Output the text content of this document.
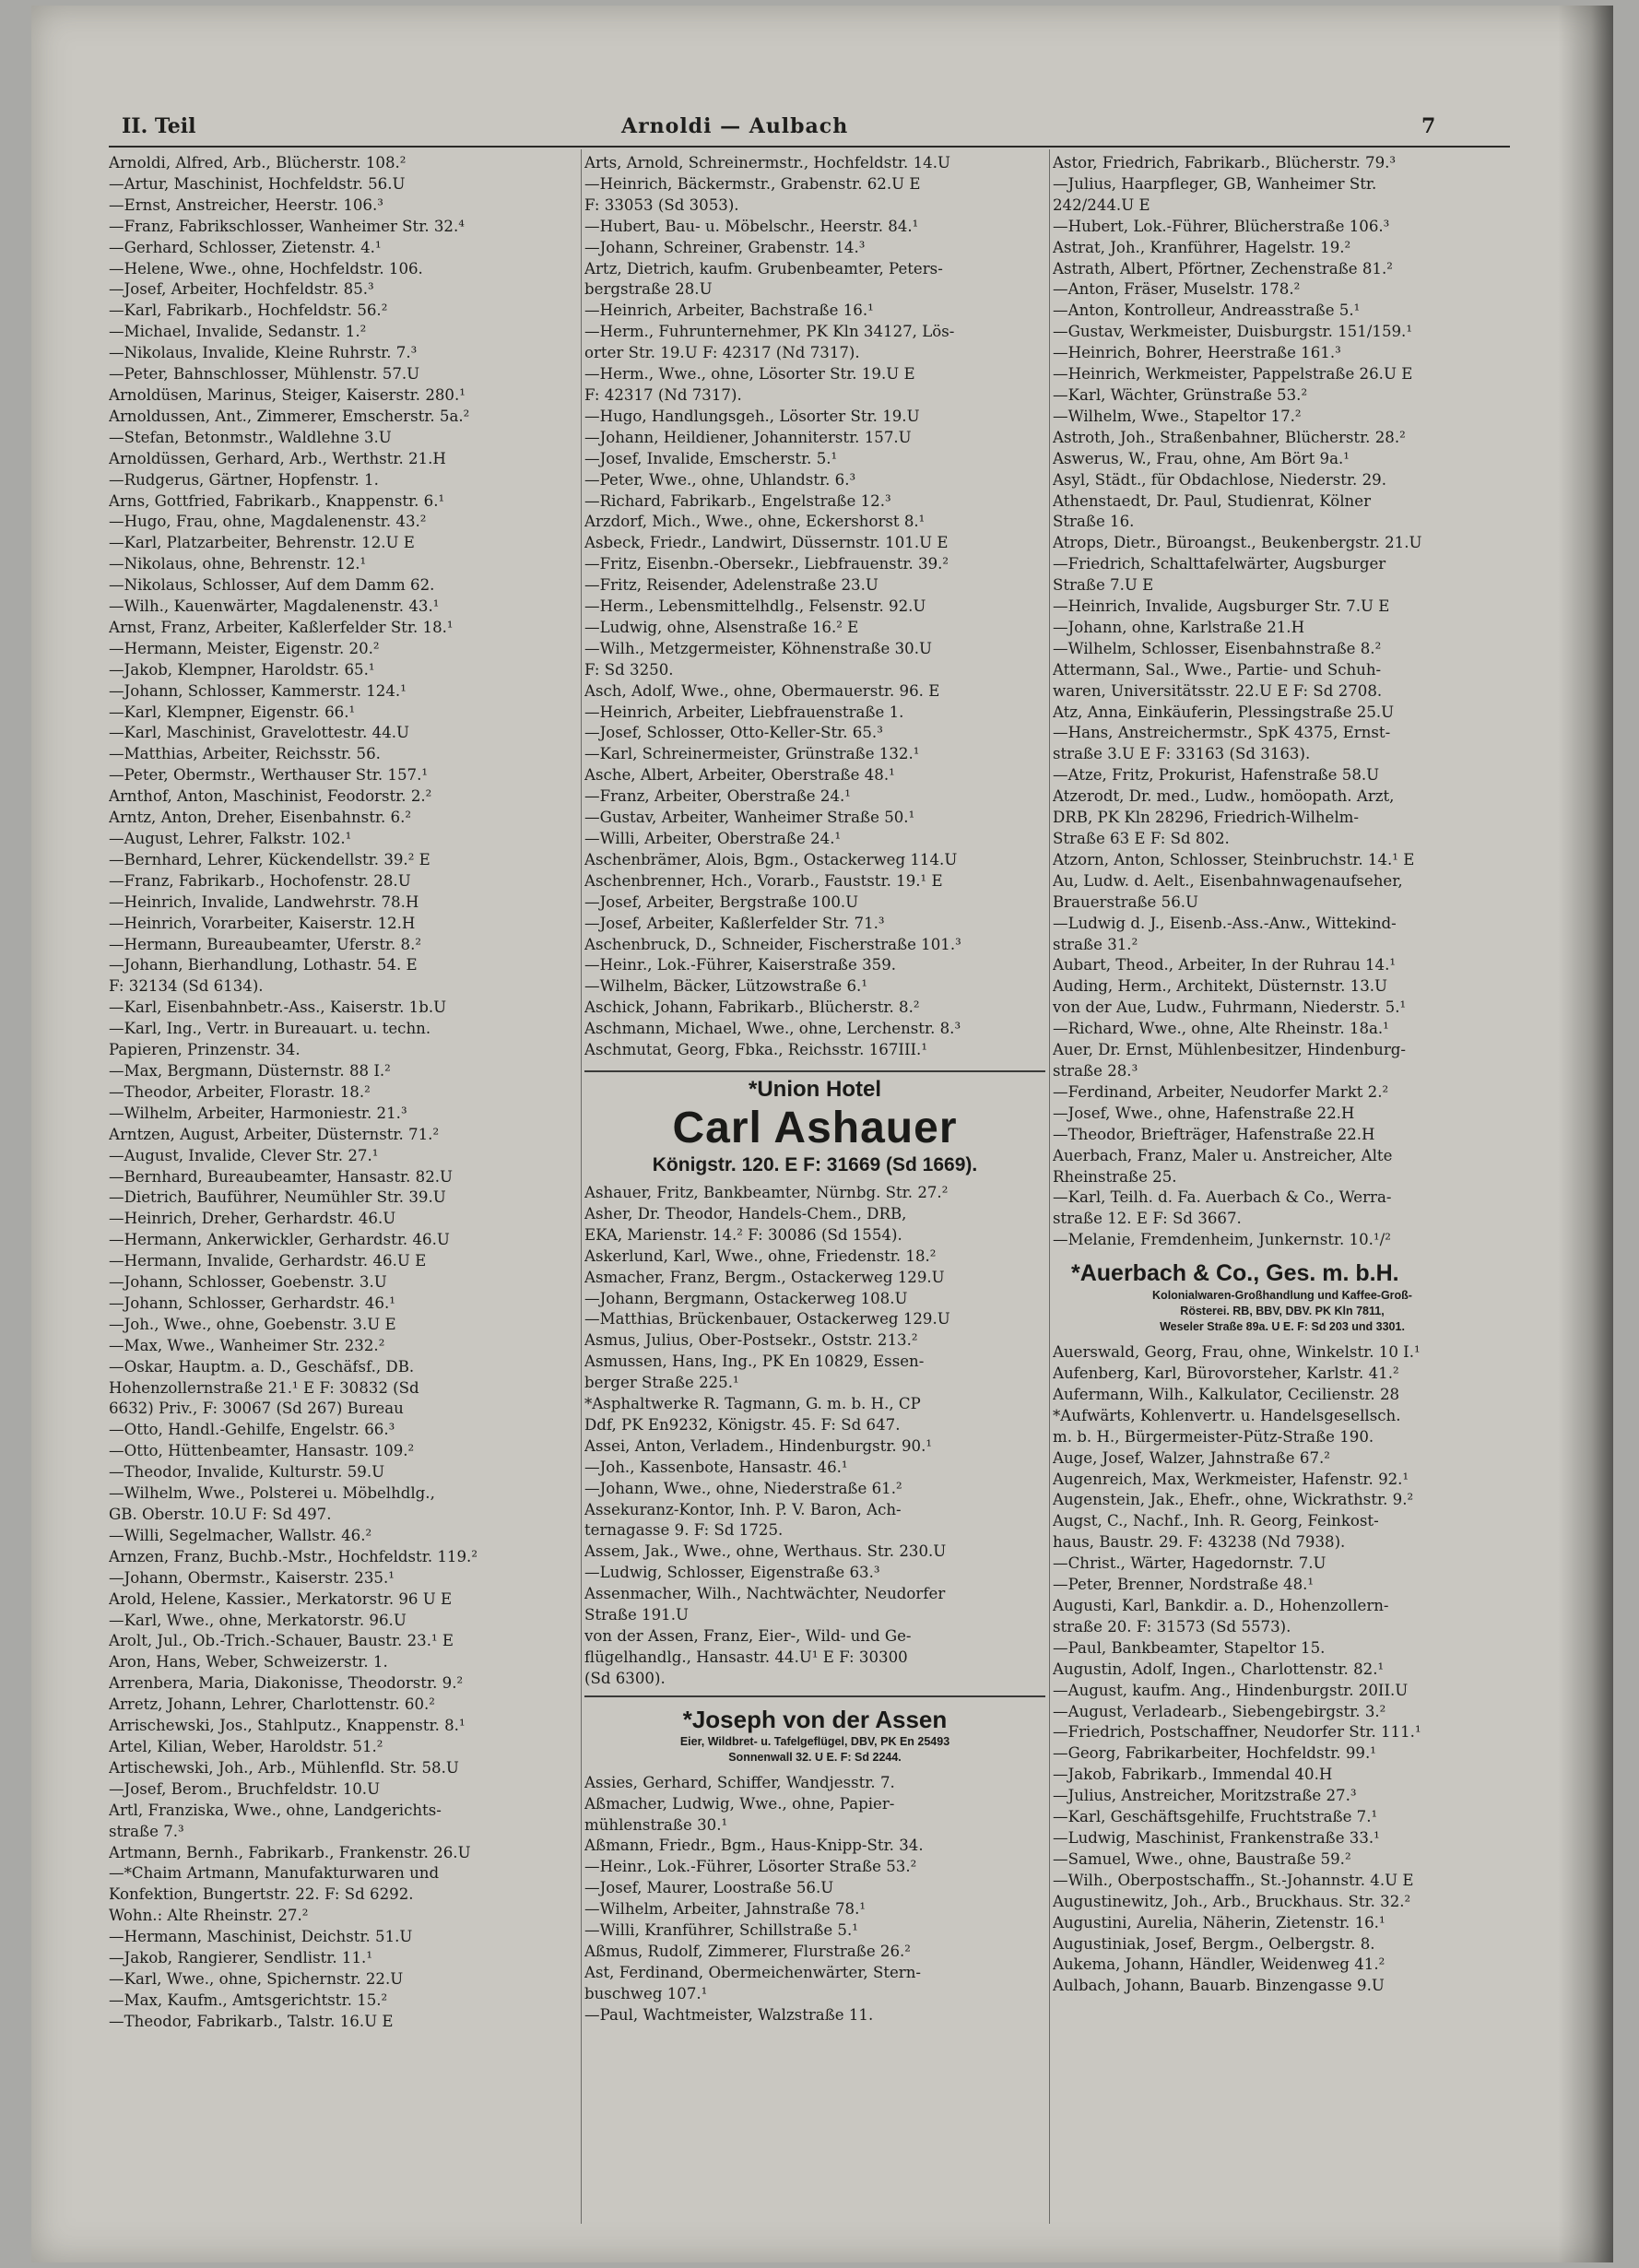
II. Teil	Arnoldi — Aulbach	7
Arnoldi, Alfred, Arb., Blücherstr. 108.²
—Artur, Maschinist, Hochfeldstr. 56.U
—Ernst, Anstreicher, Heerstr. 106.³
—Franz, Fabrikschlosser, Wanheimer Str. 32.⁴
—Gerhard, Schlosser, Zietenstr. 4.¹
—Helene, Wwe., ohne, Hochfeldstr. 106.
—Josef, Arbeiter, Hochfeldstr. 85.³
—Karl, Fabrikarb., Hochfeldstr. 56.²
—Michael, Invalide, Sedanstr. 1.²
—Nikolaus, Invalide, Kleine Ruhrstr. 7.³
—Peter, Bahnschlosser, Mühlenstr. 57.U
Arnoldüsen, Marinus, Steiger, Kaiserstr. 280.¹
Arnoldussen, Ant., Zimmerer, Emscherstr. 5a.²
—Stefan, Betonmstr., Waldlehne 3.U
Arnoldüssen, Gerhard, Arb., Werthstr. 21.H
—Rudgerus, Gärtner, Hopfenstr. 1.
Arns, Gottfried, Fabrikarb., Knappenstr. 6.¹
—Hugo, Frau, ohne, Magdalenenstr. 43.²
—Karl, Platzarbeiter, Behrenstr. 12.U E
—Nikolaus, ohne, Behrenstr. 12.¹
—Nikolaus, Schlosser, Auf dem Damm 62.
—Wilh., Kauenwärter, Magdalenenstr. 43.¹
Arnst, Franz, Arbeiter, Kaßlerfelder Str. 18.¹
—Hermann, Meister, Eigenstr. 20.²
—Jakob, Klempner, Haroldstr. 65.¹
—Johann, Schlosser, Kammerstr. 124.¹
—Karl, Klempner, Eigenstr. 66.¹
—Karl, Maschinist, Gravelottestr. 44.U
—Matthias, Arbeiter, Reichsstr. 56.
—Peter, Obermstr., Werthauser Str. 157.¹
Arnthof, Anton, Maschinist, Feodorstr. 2.²
Arntz, Anton, Dreher, Eisenbahnstr. 6.²
—August, Lehrer, Falkstr. 102.¹
—Bernhard, Lehrer, Kückendellstr. 39.² E
—Franz, Fabrikarb., Hochofenstr. 28.U
—Heinrich, Invalide, Landwehrstr. 78.H
—Heinrich, Vorarbeiter, Kaiserstr. 12.H
—Hermann, Bureaubeamter, Uferstr. 8.²
—Johann, Bierhandlung, Lothastr. 54. E
F: 32134 (Sd 6134).
—Karl, Eisenbahnbetr.-Ass., Kaiserstr. 1b.U
—Karl, Ing., Vertr. in Bureauart. u. techn.
Papieren, Prinzenstr. 34.
—Max, Bergmann, Düsternstr. 88 I.²
—Theodor, Arbeiter, Florastr. 18.²
—Wilhelm, Arbeiter, Harmoniestr. 21.³
Arntzen, August, Arbeiter, Düsternstr. 71.²
—August, Invalide, Clever Str. 27.¹
—Bernhard, Bureaubeamter, Hansastr. 82.U
—Dietrich, Bauführer, Neumühler Str. 39.U
—Heinrich, Dreher, Gerhardstr. 46.U
—Hermann, Ankerwickler, Gerhardstr. 46.U
—Hermann, Invalide, Gerhardstr. 46.U E
—Johann, Schlosser, Goebenstr. 3.U
—Johann, Schlosser, Gerhardstr. 46.¹
—Joh., Wwe., ohne, Goebenstr. 3.U E
—Max, Wwe., Wanheimer Str. 232.²
—Oskar, Hauptm. a. D., Geschäfsf., DB.
Hohenzollernstraße 21.¹ E F: 30832 (Sd
6632) Priv., F: 30067 (Sd 267) Bureau
—Otto, Handl.-Gehilfe, Engelstr. 66.³
—Otto, Hüttenbeamter, Hansastr. 109.²
—Theodor, Invalide, Kulturstr. 59.U
—Wilhelm, Wwe., Polsterei u. Möbelhdlg.,
GB. Oberstr. 10.U F: Sd 497.
—Willi, Segelmacher, Wallstr. 46.²
Arnzen, Franz, Buchb.-Mstr., Hochfeldstr. 119.²
—Johann, Obermstr., Kaiserstr. 235.¹
Arold, Helene, Kassier., Merkatorstr. 96 U E
—Karl, Wwe., ohne, Merkatorstr. 96.U
Arolt, Jul., Ob.-Trich.-Schauer, Baustr. 23.¹ E
Aron, Hans, Weber, Schweizerstr. 1.
Arrenbera, Maria, Diakonisse, Theodorstr. 9.²
Arretz, Johann, Lehrer, Charlottenstr. 60.²
Arrischewski, Jos., Stahlputz., Knappenstr. 8.¹
Artel, Kilian, Weber, Haroldstr. 51.²
Artischewski, Joh., Arb., Mühlenfld. Str. 58.U
—Josef, Berom., Bruchfeldstr. 10.U
Artl, Franziska, Wwe., ohne, Landgerichts-
straße 7.³
Artmann, Bernh., Fabrikarb., Frankenstr. 26.U
—*Chaim Artmann, Manufakturwaren und
Konfektion, Bungertstr. 22. F: Sd 6292.
Wohn.: Alte Rheinstr. 27.²
—Hermann, Maschinist, Deichstr. 51.U
—Jakob, Rangierer, Sendlistr. 11.¹
—Karl, Wwe., ohne, Spichernstr. 22.U
—Max, Kaufm., Amtsgerichtstr. 15.²
—Theodor, Fabrikarb., Talstr. 16.U E
Arts, Arnold, Schreinermstr., Hochfeldstr. 14.U
—Heinrich, Bäckermstr., Grabenstr. 62.U E
F: 33053 (Sd 3053).
—Hubert, Bau- u. Möbelschr., Heerstr. 84.¹
—Johann, Schreiner, Grabenstr. 14.³
Artz, Dietrich, kaufm. Grubenbeamter, Peters-
bergstraße 28.U
—Heinrich, Arbeiter, Bachstraße 16.¹
—Herm., Fuhrunternehmer, PK Kln 34127, Lös-
orter Str. 19.U F: 42317 (Nd 7317).
—Herm., Wwe., ohne, Lösorter Str. 19.U E
F: 42317 (Nd 7317).
—Hugo, Handlungsgeh., Lösorter Str. 19.U
—Johann, Heildiener, Johanniterstr. 157.U
—Josef, Invalide, Emscherstr. 5.¹
—Peter, Wwe., ohne, Uhlandstr. 6.³
—Richard, Fabrikarb., Engelstraße 12.³
Arzdorf, Mich., Wwe., ohne, Eckershorst 8.¹
Asbeck, Friedr., Landwirt, Düssernstr. 101.U E
—Fritz, Eisenbn.-Obersekr., Liebfrauenstr. 39.²
—Fritz, Reisender, Adelenstraße 23.U
—Herm., Lebensmittelhdlg., Felsenstr. 92.U
—Ludwig, ohne, Alsenstraße 16.² E
—Wilh., Metzgermeister, Köhnenstraße 30.U
F: Sd 3250.
Asch, Adolf, Wwe., ohne, Obermauerstr. 96. E
—Heinrich, Arbeiter, Liebfrauenstraße 1.
—Josef, Schlosser, Otto-Keller-Str. 65.³
—Karl, Schreinermeister, Grünstraße 132.¹
Asche, Albert, Arbeiter, Oberstraße 48.¹
—Franz, Arbeiter, Oberstraße 24.¹
—Gustav, Arbeiter, Wanheimer Straße 50.¹
—Willi, Arbeiter, Oberstraße 24.¹
Aschenbrämer, Alois, Bgm., Ostackerweg 114.U
Aschenbrenner, Hch., Vorarb., Fauststr. 19.¹ E
—Josef, Arbeiter, Bergstraße 100.U
—Josef, Arbeiter, Kaßlerfelder Str. 71.³
Aschenbruck, D., Schneider, Fischerstraße 101.³
—Heinr., Lok.-Führer, Kaiserstraße 359.
—Wilhelm, Bäcker, Lützowstraße 6.¹
Aschick, Johann, Fabrikarb., Blücherstr. 8.²
Aschmann, Michael, Wwe., ohne, Lerchenstr. 8.³
Aschmutat, Georg, Fbka., Reichsstr. 167III.¹
*Union Hotel
Carl Ashauer
Königstr. 120. E F: 31669 (Sd 1669).
Ashauer, Fritz, Bankbeamter, Nürnbg. Str. 27.²
Asher, Dr. Theodor, Handels-Chem., DRB,
EKA, Marienstr. 14.² F: 30086 (Sd 1554).
Askerlund, Karl, Wwe., ohne, Friedenstr. 18.²
Asmacher, Franz, Bergm., Ostackerweg 129.U
—Johann, Bergmann, Ostackerweg 108.U
—Matthias, Brückenbauer, Ostackerweg 129.U
Asmus, Julius, Ober-Postsekr., Oststr. 213.²
Asmussen, Hans, Ing., PK En 10829, Essen-
berger Straße 225.¹
*Asphaltwerke R. Tagmann, G. m. b. H., CP
Ddf, PK En9232, Königstr. 45. F: Sd 647.
Assei, Anton, Verladem., Hindenburgstr. 90.¹
—Joh., Kassenbote, Hansastr. 46.¹
—Johann, Wwe., ohne, Niederstraße 61.²
Assekuranz-Kontor, Inh. P. V. Baron, Ach-
ternagasse 9. F: Sd 1725.
Assem, Jak., Wwe., ohne, Werthaus. Str. 230.U
—Ludwig, Schlosser, Eigenstraße 63.³
Assenmacher, Wilh., Nachtwächter, Neudorfer
Straße 191.U
von der Assen, Franz, Eier-, Wild- und Ge-
flügelhandlg., Hansastr. 44.U¹ E F: 30300
(Sd 6300).
*Joseph von der Assen
Eier, Wildbret- u. Tafelgeflügel, DBV, PK En 25493
Sonnenwall 32. U E. F: Sd 2244.
Assies, Gerhard, Schiffer, Wandjesstr. 7.
Aßmacher, Ludwig, Wwe., ohne, Papier-
mühlenstraße 30.¹
Aßmann, Friedr., Bgm., Haus-Knipp-Str. 34.
—Heinr., Lok.-Führer, Lösorter Straße 53.²
—Josef, Maurer, Loostraße 56.U
—Wilhelm, Arbeiter, Jahnstraße 78.¹
—Willi, Kranführer, Schillstraße 5.¹
Aßmus, Rudolf, Zimmerer, Flurstraße 26.²
Ast, Ferdinand, Obermeichenwärter, Stern-
buschweg 107.¹
—Paul, Wachtmeister, Walzstraße 11.
Astor, Friedrich, Fabrikarb., Blücherstr. 79.³
—Julius, Haarpfleger, GB, Wanheimer Str.
242/244.U E
—Hubert, Lok.-Führer, Blücherstraße 106.³
Astrat, Joh., Kranführer, Hagelstr. 19.²
Astrath, Albert, Pförtner, Zechenstraße 81.²
—Anton, Fräser, Muselstr. 178.²
—Anton, Kontrolleur, Andreasstraße 5.¹
—Gustav, Werkmeister, Duisburgstr. 151/159.¹
—Heinrich, Bohrer, Heerstraße 161.³
—Heinrich, Werkmeister, Pappelstraße 26.U E
—Karl, Wächter, Grünstraße 53.²
—Wilhelm, Wwe., Stapeltor 17.²
Astroth, Joh., Straßenbahner, Blücherstr. 28.²
Aswerus, W., Frau, ohne, Am Bört 9a.¹
Asyl, Städt., für Obdachlose, Niederstr. 29.
Athenstaedt, Dr. Paul, Studienrat, Kölner
Straße 16.
Atrops, Dietr., Büroangst., Beukenbergstr. 21.U
—Friedrich, Schalttafelwärter, Augsburger
Straße 7.U E
—Heinrich, Invalide, Augsburger Str. 7.U E
—Johann, ohne, Karlstraße 21.H
—Wilhelm, Schlosser, Eisenbahnstraße 8.²
Attermann, Sal., Wwe., Partie- und Schuh-
waren, Universitätsstr. 22.U E F: Sd 2708.
Atz, Anna, Einkäuferin, Plessingstraße 25.U
—Hans, Anstreichermstr., SpK 4375, Ernst-
straße 3.U E F: 33163 (Sd 3163).
—Atze, Fritz, Prokurist, Hafenstraße 58.U
Atzerodt, Dr. med., Ludw., homöopath. Arzt,
DRB, PK Kln 28296, Friedrich-Wilhelm-
Straße 63 E F: Sd 802.
Atzorn, Anton, Schlosser, Steinbruchstr. 14.¹ E
Au, Ludw. d. Aelt., Eisenbahnwagenaufseher,
Brauerstraße 56.U
—Ludwig d. J., Eisenb.-Ass.-Anw., Wittekind-
straße 31.²
Aubart, Theod., Arbeiter, In der Ruhrau 14.¹
Auding, Herm., Architekt, Düsternstr. 13.U
von der Aue, Ludw., Fuhrmann, Niederstr. 5.¹
—Richard, Wwe., ohne, Alte Rheinstr. 18a.¹
Auer, Dr. Ernst, Mühlenbesitzer, Hindenburg-
straße 28.³
—Ferdinand, Arbeiter, Neudorfer Markt 2.²
—Josef, Wwe., ohne, Hafenstraße 22.H
—Theodor, Briefträger, Hafenstraße 22.H
Auerbach, Franz, Maler u. Anstreicher, Alte
Rheinstraße 25.
—Karl, Teilh. d. Fa. Auerbach & Co., Werra-
straße 12. E F: Sd 3667.
—Melanie, Fremdenheim, Junkernstr. 10.¹/²
*Auerbach & Co., Ges. m. b.H.
Kolonialwaren-Großhandlung und Kaffee-Groß-
Rösterei. RB, BBV, DBV. PK Kln 7811,
Weseler Straße 89a. U E. F: Sd 203 und 3301.
Auerswald, Georg, Frau, ohne, Winkelstr. 10 I.¹
Aufenberg, Karl, Bürovorsteher, Karlstr. 41.²
Aufermann, Wilh., Kalkulator, Cecilienstr. 28
*Aufwärts, Kohlenvertr. u. Handelsgesellsch.
m. b. H., Bürgermeister-Pütz-Straße 190.
Auge, Josef, Walzer, Jahnstraße 67.²
Augenreich, Max, Werkmeister, Hafenstr. 92.¹
Augenstein, Jak., Ehefr., ohne, Wickrathstr. 9.²
Augst, C., Nachf., Inh. R. Georg, Feinkost-
haus, Baustr. 29. F: 43238 (Nd 7938).
—Christ., Wärter, Hagedornstr. 7.U
—Peter, Brenner, Nordstraße 48.¹
Augusti, Karl, Bankdir. a. D., Hohenzollern-
straße 20. F: 31573 (Sd 5573).
—Paul, Bankbeamter, Stapeltor 15.
Augustin, Adolf, Ingen., Charlottenstr. 82.¹
—August, kaufm. Ang., Hindenburgstr. 20II.U
—August, Verladearb., Siebengebirgstr. 3.²
—Friedrich, Postschaffner, Neudorfer Str. 111.¹
—Georg, Fabrikarbeiter, Hochfeldstr. 99.¹
—Jakob, Fabrikarb., Immendal 40.H
—Julius, Anstreicher, Moritzstraße 27.³
—Karl, Geschäftsgehilfe, Fruchtstraße 7.¹
—Ludwig, Maschinist, Frankenstraße 33.¹
—Samuel, Wwe., ohne, Baustraße 59.²
—Wilh., Oberpostschaffn., St.-Johannstr. 4.U E
Augustinewitz, Joh., Arb., Bruckhaus. Str. 32.²
Augustini, Aurelia, Näherin, Zietenstr. 16.¹
Augustiniak, Josef, Bergm., Oelbergstr. 8.
Aukema, Johann, Händler, Weidenweg 41.²
Aulbach, Johann, Bauarb. Binzengasse 9.U
